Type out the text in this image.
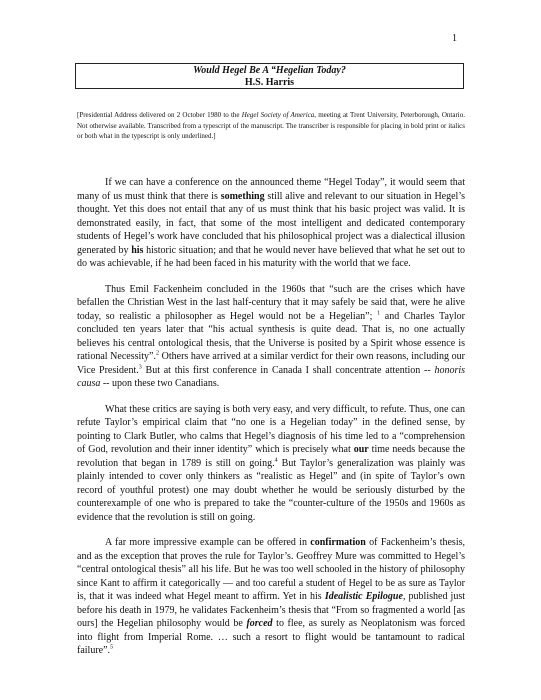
1
Would Hegel Be A “Hegelian Today?
H.S. Harris
[Presidential Address delivered on 2 October 1980 to the Hegel Society of America, meeting at Trent University, Peterborough, Ontario. Not otherwise available. Transcribed from a typescript of the manuscript. The transcriber is responsible for placing in bold print or italics or both what in the typescript is only underlined.]

If we can have a conference on the announced theme “Hegel Today”, it would seem that many of us must think that there is something still alive and relevant to our situation in Hegel’s thought. Yet this does not entail that any of us must think that his basic project was valid. It is demonstrated easily, in fact, that some of the most intelligent and dedicated contemporary students of Hegel’s work have concluded that his philosophical project was a dialectical illusion generated by his historic situation; and that he would never have believed that what he set out to do was achievable, if he had been faced in his maturity with the world that we face.

Thus Emil Fackenheim concluded in the 1960s that “such are the crises which have befallen the Christian West in the last half-century that it may safely be said that, were he alive today, so realistic a philosopher as Hegel would not be a Hegelian”; $^1$ and Charles Taylor concluded ten years later that “his actual synthesis is quite dead. That is, no one actually believes his central ontological thesis, that the Universe is posited by a Spirit whose essence is rational Necessity”.$^2$ Others have arrived at a similar verdict for their own reasons, including our Vice President.$^3$ But at this first conference in Canada I shall concentrate attention -- honoris causa -- upon these two Canadians.

What these critics are saying is both very easy, and very difficult, to refute. Thus, one can refute Taylor’s empirical claim that “no one is a Hegelian today” in the defined sense, by pointing to Clark Butler, who calms that Hegel’s diagnosis of his time led to a “comprehension of God, revolution and their inner identity” which is precisely what our time needs because the revolution that began in 1789 is still on going.$^4$ But Taylor’s generalization was plainly was plainly intended to cover only thinkers as “realistic as Hegel” and (in spite of Taylor’s own record of youthful protest) one may doubt whether he would be seriously disturbed by the counterexample of one who is prepared to take the “counter-culture of the 1950s and 1960s as evidence that the revolution is still on going.

A far more impressive example can be offered in confirmation of Fackenheim’s thesis, and as the exception that proves the rule for Taylor’s. Geoffrey Mure was committed to Hegel’s “central ontological thesis” all his life. But he was too well schooled in the history of philosophy since Kant to affirm it categorically — and too careful a student of Hegel to be as sure as Taylor is, that it was indeed what Hegel meant to affirm. Yet in his Idealistic Epilogue, published just before his death in 1979, he validates Fackenheim’s thesis that “From so fragmented a world [as ours] the Hegelian philosophy would be forced to flee, as surely as Neoplatonism was forced into flight from Imperial Rome. … such a resort to flight would be tantamount to radical failure”.$^5$
